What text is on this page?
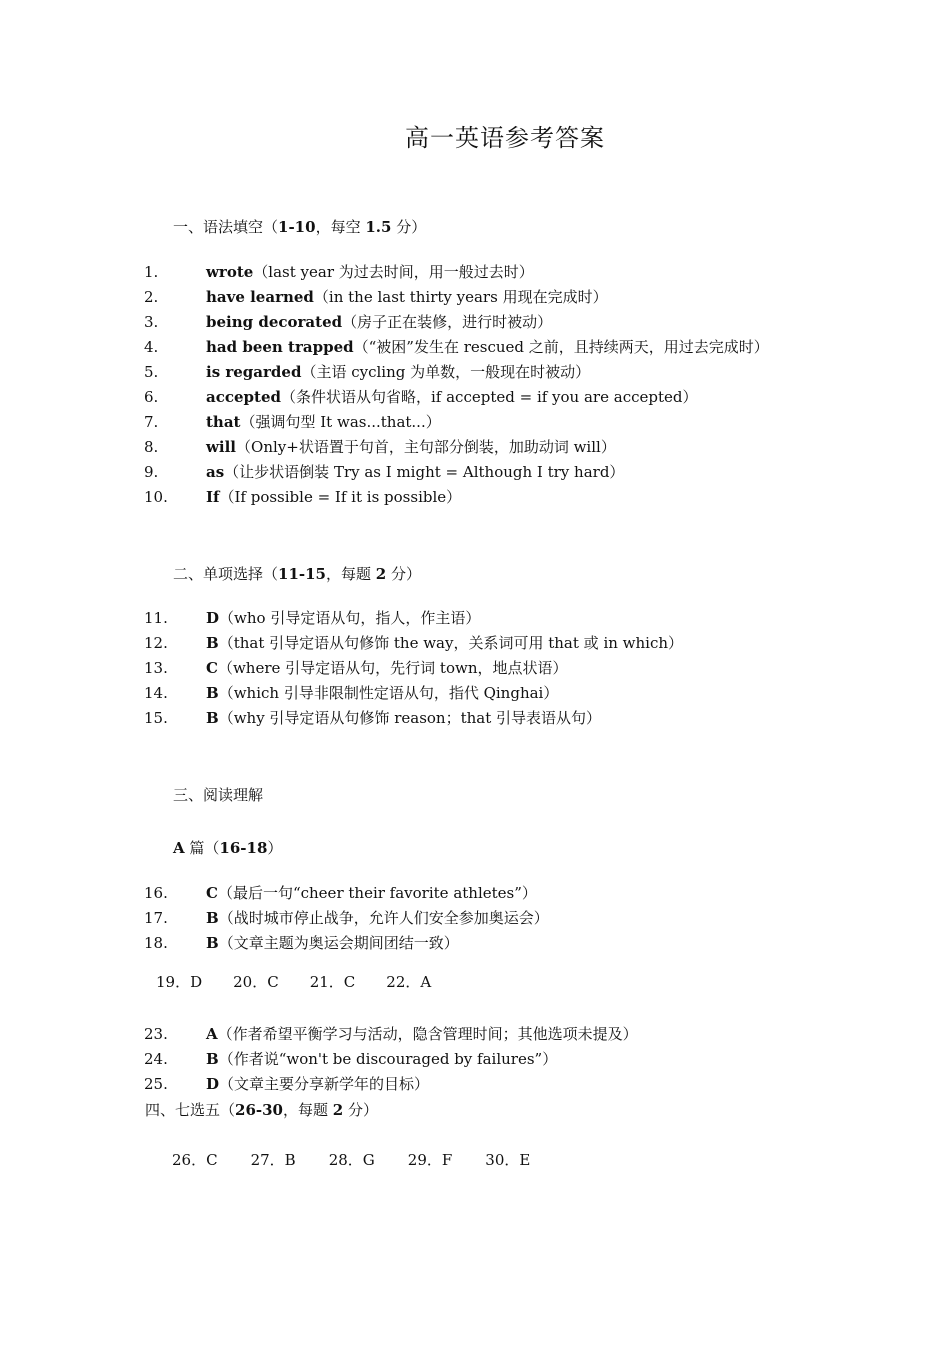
高一英语参考答案
一、语法填空（1-10，每空 1.5 分）
1.	wrote（last year 为过去时间，用一般过去时）
2.	have learned（in the last thirty years 用现在完成时）
3.	being decorated（房子正在装修，进行时被动）
4.	had been trapped（“被困”发生在 rescued 之前，且持续两天，用过去完成时）
5.	is regarded（主语 cycling 为单数，一般现在时被动）
6.	accepted（条件状语从句省略，if accepted = if you are accepted）
7.	that（强调句型 It was...that...）
8.	will（Only+状语置于句首，主句部分倒装，加助动词 will）
9.	as（让步状语倒装 Try as I might = Although I try hard）
10.	If（If possible = If it is possible）
二、单项选择（11-15，每题 2 分）
11.	D（who 引导定语从句，指人，作主语）
12.	B（that 引导定语从句修饰 the way，关系词可用 that 或 in which）
13.	C（where 引导定语从句，先行词 town，地点状语）
14.	B（which 引导非限制性定语从句，指代 Qinghai）
15.	B（why 引导定语从句修饰 reason；that 引导表语从句）
三、阅读理解
A 篇（16-18）
16.	C（最后一句“cheer their favorite athletes”）
17.	B（战时城市停止战争，允许人们安全参加奥运会）
18.	B（文章主题为奥运会期间团结一致）
19．D 20．C 21．C 22．A
23.	A（作者希望平衡学习与活动，隐含管理时间；其他选项未提及）
24.	B（作者说“won't be discouraged by failures”）
25.	D（文章主要分享新学年的目标）
四、七选五（26-30，每题 2 分）
26．C 27．B 28．G 29．F 30．E
